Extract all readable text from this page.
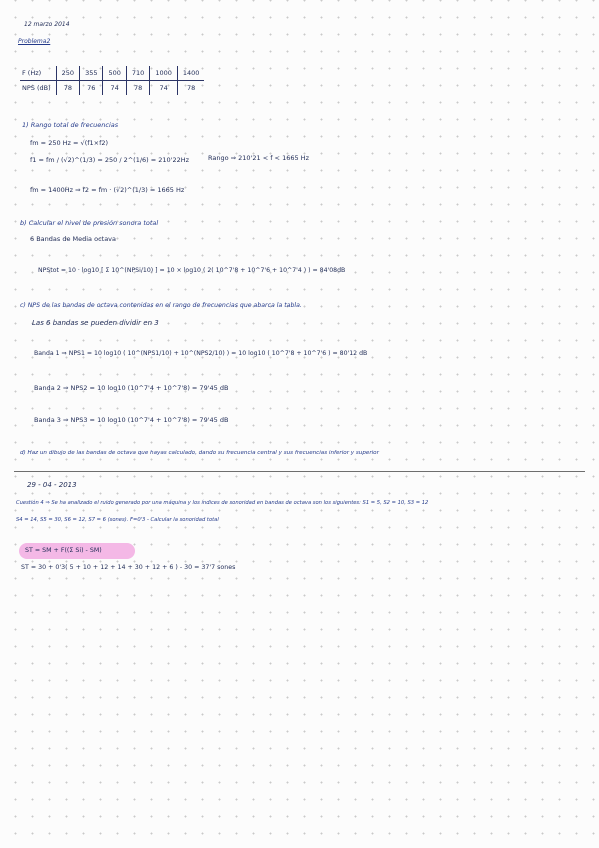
12 marzo 2014
Problema2
F (Hz)	250	355	500	710	1000	1400
NPS (dB)	78	76	74	78	74	78
1) Rango total de frecuencias
fm = 250 Hz = √(f1×f2)
f1 = fm / (√2)^(1/3) = 250 / 2^(1/6) = 210'22Hz	Rango ⇒ 210'21 < f < 1665 Hz
fm = 1400Hz ⇒ f2 = fm · (√2)^(1/3) = 1665 Hz
b) Calcular el nivel de presión sonora total
6 Bandas de Media octava
NPStot = 10 · log10 [ Σ 10^(NPSi/10) ] = 10 × log10 ( 2( 10^7'8 + 10^7'6 + 10^7'4 ) ) = 84'08dB
c) NPS de las bandas de octava contenidas en el rango de frecuencias que abarca la tabla.
Las 6 bandas se pueden dividir en 3
Banda 1 ⇒ NPS1 = 10 log10 ( 10^(NPS1/10) + 10^(NPS2/10) ) = 10 log10 ( 10^7'8 + 10^7'6 ) = 80'12 dB
Banda 2 ⇒ NPS2 = 10 log10 (10^7'4 + 10^7'8) = 79'45 dB
Banda 3 ⇒ NPS3 = 10 log10 (10^7'4 + 10^7'8) = 79'45 dB
d) Haz un dibujo de las bandas de octava que hayas calculado, dando su frecuencia central y sus frecuencias inferior y superior
29 - 04 - 2013
Cuestión 4 ⇒ Se ha analizado el ruido generado por una máquina y los índices de sonoridad en bandas de octava son los siguientes: S1 = 5, S2 = 10, S3 = 12
S4 = 14, S5 = 30, S6 = 12, S7 = 6 (sones). F=0'3 - Calcular la sonoridad total
ST = SM + F((Σ Si) - SM)
ST = 30 + 0'3( 5 + 10 + 12 + 14 + 30 + 12 + 6 ) - 30 = 37'7 sones
